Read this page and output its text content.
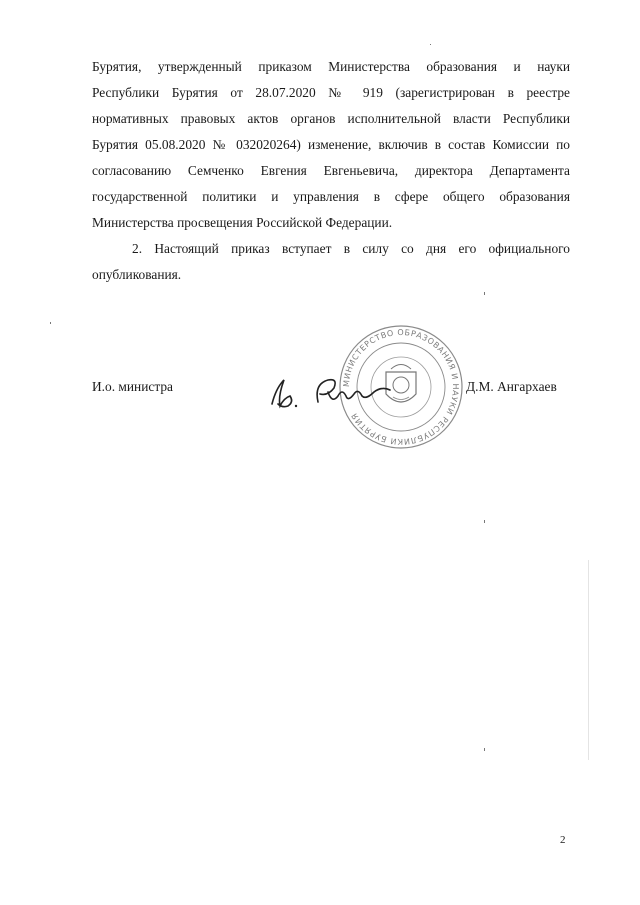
Бурятия, утвержденный приказом Министерства образования и науки
Республики Бурятия от 28.07.2020 № 919 (зарегистрирован в реестре
нормативных правовых актов органов исполнительной власти Республики
Бурятия 05.08.2020 № 032020264) изменение, включив в состав Комиссии по
согласованию Семченко Евгения Евгеньевича, директора Департамента
государственной политики и управления в сфере общего образования
Министерства просвещения Российской Федерации.
2. Настоящий приказ вступает в силу со дня его официального
опубликования.
И.о. министра	МИНИСТЕРСТВО ОБРАЗОВАНИЯ И НАУКИ РЕСПУБЛИКИ БУРЯТИЯ
Д.М. Ангархаев
2
